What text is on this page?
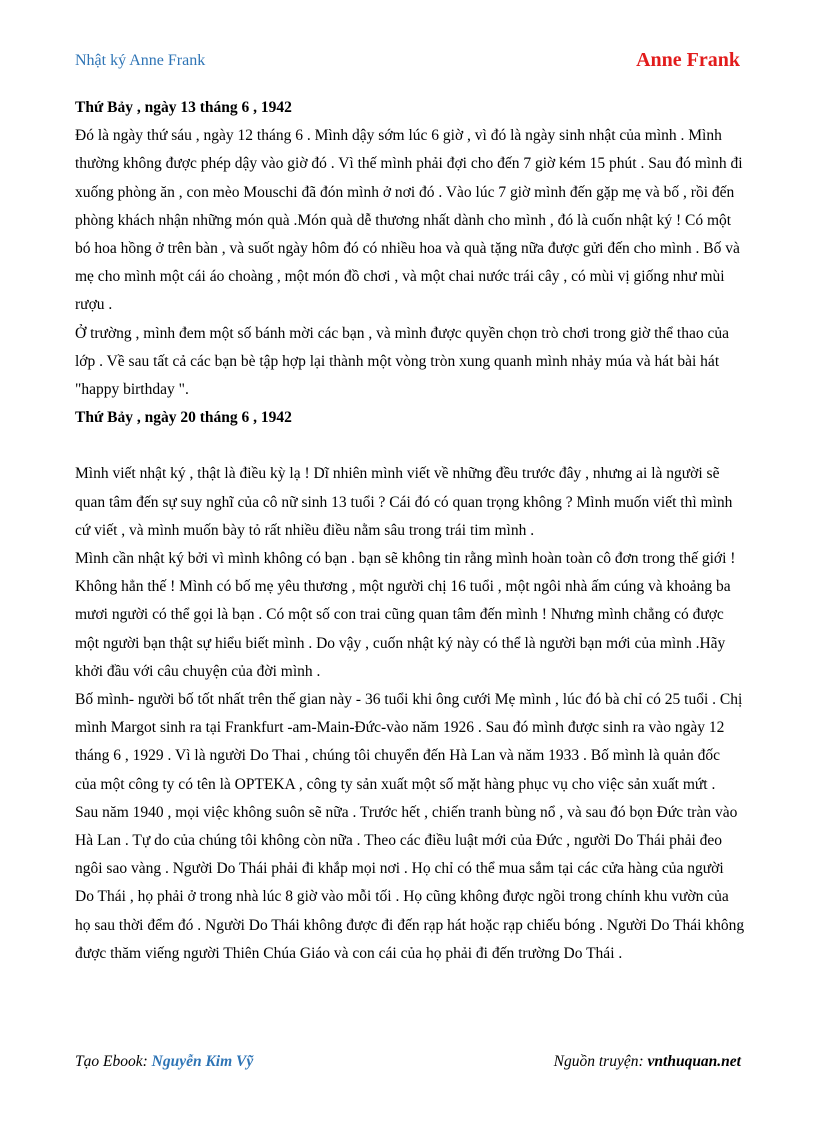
Nhật ký Anne Frank	Anne Frank

Thứ Bảy , ngày 13 tháng 6 , 1942

Đó là ngày thứ sáu , ngày 12 tháng 6 . Mình dậy sớm lúc 6 giờ , vì đó là ngày sinh nhật của mình . Mình thường không được phép dậy vào giờ đó . Vì thế mình phải đợi cho đến 7 giờ kém 15 phút . Sau đó mình đi xuống phòng ăn , con mèo Mouschi đã đón mình ở nơi đó . Vào lúc 7 giờ mình đến gặp mẹ và bố , rồi đến phòng khách nhận những món quà .Món quà dễ thương nhất dành cho mình , đó là cuốn nhật ký ! Có một bó hoa hồng ở trên bàn , và suốt ngày hôm đó có nhiều hoa và quà tặng nữa được gửi đến cho mình . Bố và mẹ cho mình một cái áo choàng , một món đồ chơi , và một chai nước trái cây , có mùi vị giống như mùi rượu .

Ở trường , mình đem một số bánh mời các bạn , và mình được quyền chọn trò chơi trong giờ thể thao của lớp . Về sau tất cả các bạn bè tập hợp lại thành một vòng tròn xung quanh mình nhảy múa và hát bài hát "happy birthday ".

Thứ Bảy , ngày 20 tháng 6 , 1942

Mình viết nhật ký , thật là điều kỳ lạ ! Dĩ nhiên mình viết về những đều trước đây , nhưng ai là người sẽ quan tâm đến sự suy nghĩ của cô nữ sinh 13 tuổi ? Cái đó có quan trọng không ? Mình muốn viết thì mình cứ viết , và mình muốn bày tỏ rất nhiều điều nằm sâu trong trái tim mình .

Mình cần nhật ký bởi vì mình không có bạn . bạn sẽ không tin rằng mình hoàn toàn cô đơn trong thế giới !

Không hẳn thế ! Mình có bố mẹ yêu thương , một người chị 16 tuổi , một ngôi nhà ấm cúng và khoảng ba mươi người có thể gọi là bạn . Có một số con trai cũng quan tâm đến mình ! Nhưng mình chẳng có được một người bạn thật sự hiểu biết mình . Do vậy , cuốn nhật ký này có thể là người bạn mới của mình .Hãy khởi đầu với câu chuyện của đời mình .

Bố mình- người bố tốt nhất trên thế gian này - 36 tuổi khi ông cưới Mẹ mình , lúc đó bà chỉ có 25 tuổi . Chị mình Margot sinh ra tại Frankfurt -am-Main-Đức-vào năm 1926 . Sau đó mình được sinh ra vào ngày 12 tháng 6 , 1929 . Vì là người Do Thai , chúng tôi chuyển đến Hà Lan và năm 1933 . Bố mình là quản đốc của một công ty có tên là OPTEKA , công ty sản xuất một số mặt hàng phục vụ cho việc sản xuất mứt .

Sau năm 1940 , mọi việc không suôn sẽ nữa . Trước hết , chiến tranh bùng nổ , và sau đó bọn Đức tràn vào Hà Lan . Tự do của chúng tôi không còn nữa . Theo các điều luật mới của Đức , người Do Thái phải đeo ngôi sao vàng . Người Do Thái phải đi khắp mọi nơi . Họ chỉ có thể mua sắm tại các cửa hàng của người Do Thái , họ phải ở trong nhà lúc 8 giờ vào mỗi tối . Họ cũng không được ngồi trong chính khu vườn của họ sau thời đểm đó . Người Do Thái không được đi đến rạp hát hoặc rạp chiếu bóng . Người Do Thái không được thăm viếng người Thiên Chúa Giáo và con cái của họ phải đi đến trường Do Thái .

Tạo Ebook: Nguyễn Kim Vỹ	Nguồn truyện: vnthuquan.net
